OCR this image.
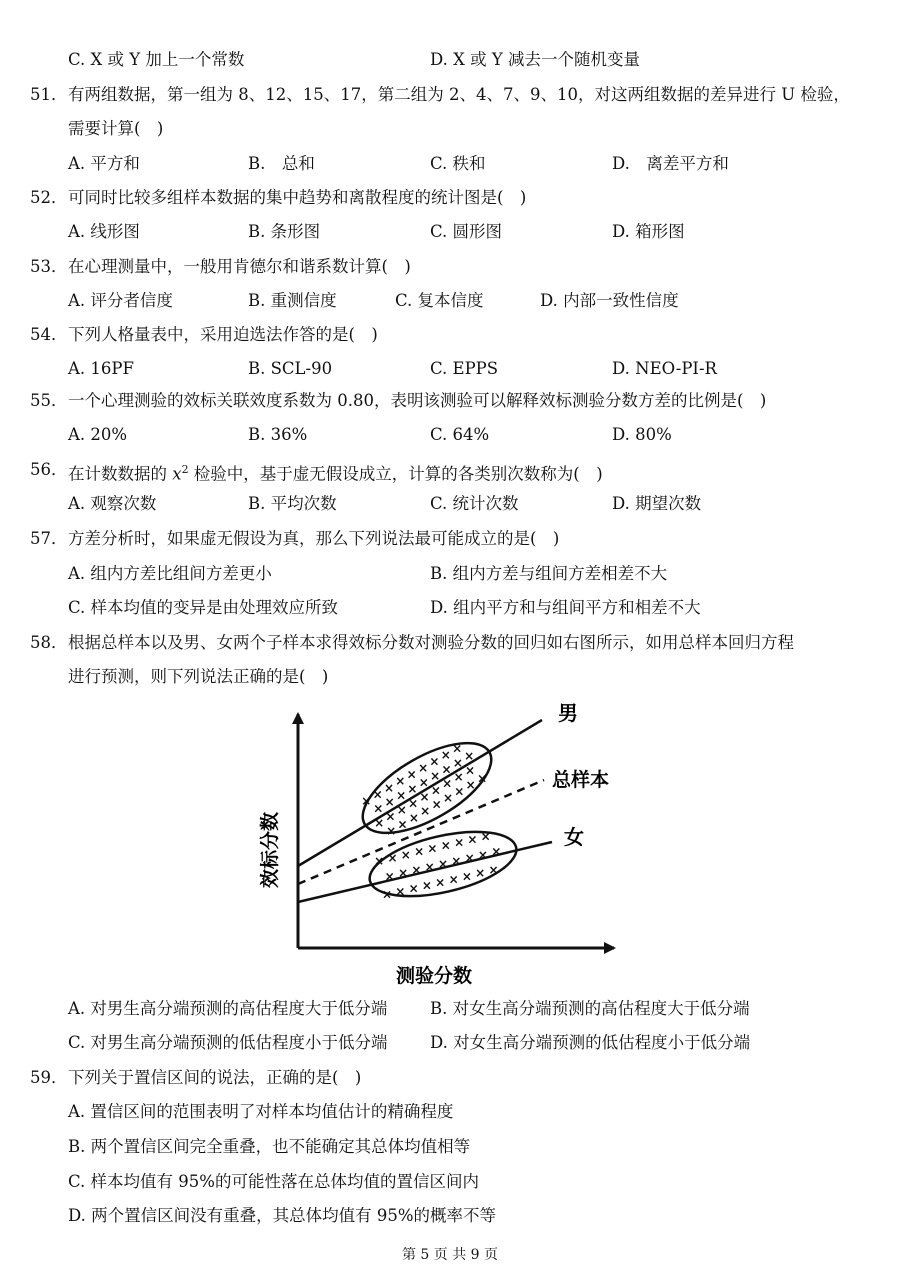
C. X 或 Y 加上一个常数	D. X 或 Y 减去一个随机变量
51． 有两组数据，第一组为 8、12、15、17，第二组为 2、4、7、9、10，对这两组数据的差异进行 U 检验，
需要计算(　)
A. 平方和	B.　总和	C. 秩和	D.　离差平方和
52． 可同时比较多组样本数据的集中趋势和离散程度的统计图是(　)
A. 线形图	B. 条形图	C. 圆形图	D. 箱形图
53． 在心理测量中，一般用肯德尔和谐系数计算(　)
A. 评分者信度	B. 重测信度	C. 复本信度	D. 内部一致性信度
54． 下列人格量表中，采用迫选法作答的是(　)
A. 16PF	B. SCL-90	C. EPPS	D. NEO-PI-R
55． 一个心理测验的效标关联效度系数为 0.80，表明该测验可以解释效标测验分数方差的比例是(　)
A. 20%	B. 36%	C. 64%	D. 80%
56． 在计数数据的 $x^2$ 检验中，基于虚无假设成立，计算的各类别次数称为(　)
A. 观察次数	B. 平均次数	C. 统计次数	D. 期望次数
57． 方差分析时，如果虚无假设为真，那么下列说法最可能成立的是(　)
A. 组内方差比组间方差更小	B. 组内方差与组间方差相差不大
C. 样本均值的变异是由处理效应所致	D. 组内平方和与组间平方和相差不大
58． 根据总样本以及男、女两个子样本求得效标分数对测验分数的回归如右图所示，如用总样本回归方程
进行预测，则下列说法正确的是(　)
× × × × × × × × ×
× × × × × × × × ×
× × × × × × × × ×
× × × × × × × × ×
× × × × × × × × ×
× × × × × × × × ×
× × × × × × × × ×
男
总样本
女
效标分数
测验分数
A. 对男生高分端预测的高估程度大于低分端	B. 对女生高分端预测的高估程度大于低分端
C. 对男生高分端预测的低估程度小于低分端	D. 对女生高分端预测的低估程度小于低分端
59． 下列关于置信区间的说法，正确的是(　)
A. 置信区间的范围表明了对样本均值估计的精确程度
B. 两个置信区间完全重叠，也不能确定其总体均值相等
C. 样本均值有 95%的可能性落在总体均值的置信区间内
D. 两个置信区间没有重叠，其总体均值有 95%的概率不等
第 5 页 共 9 页
